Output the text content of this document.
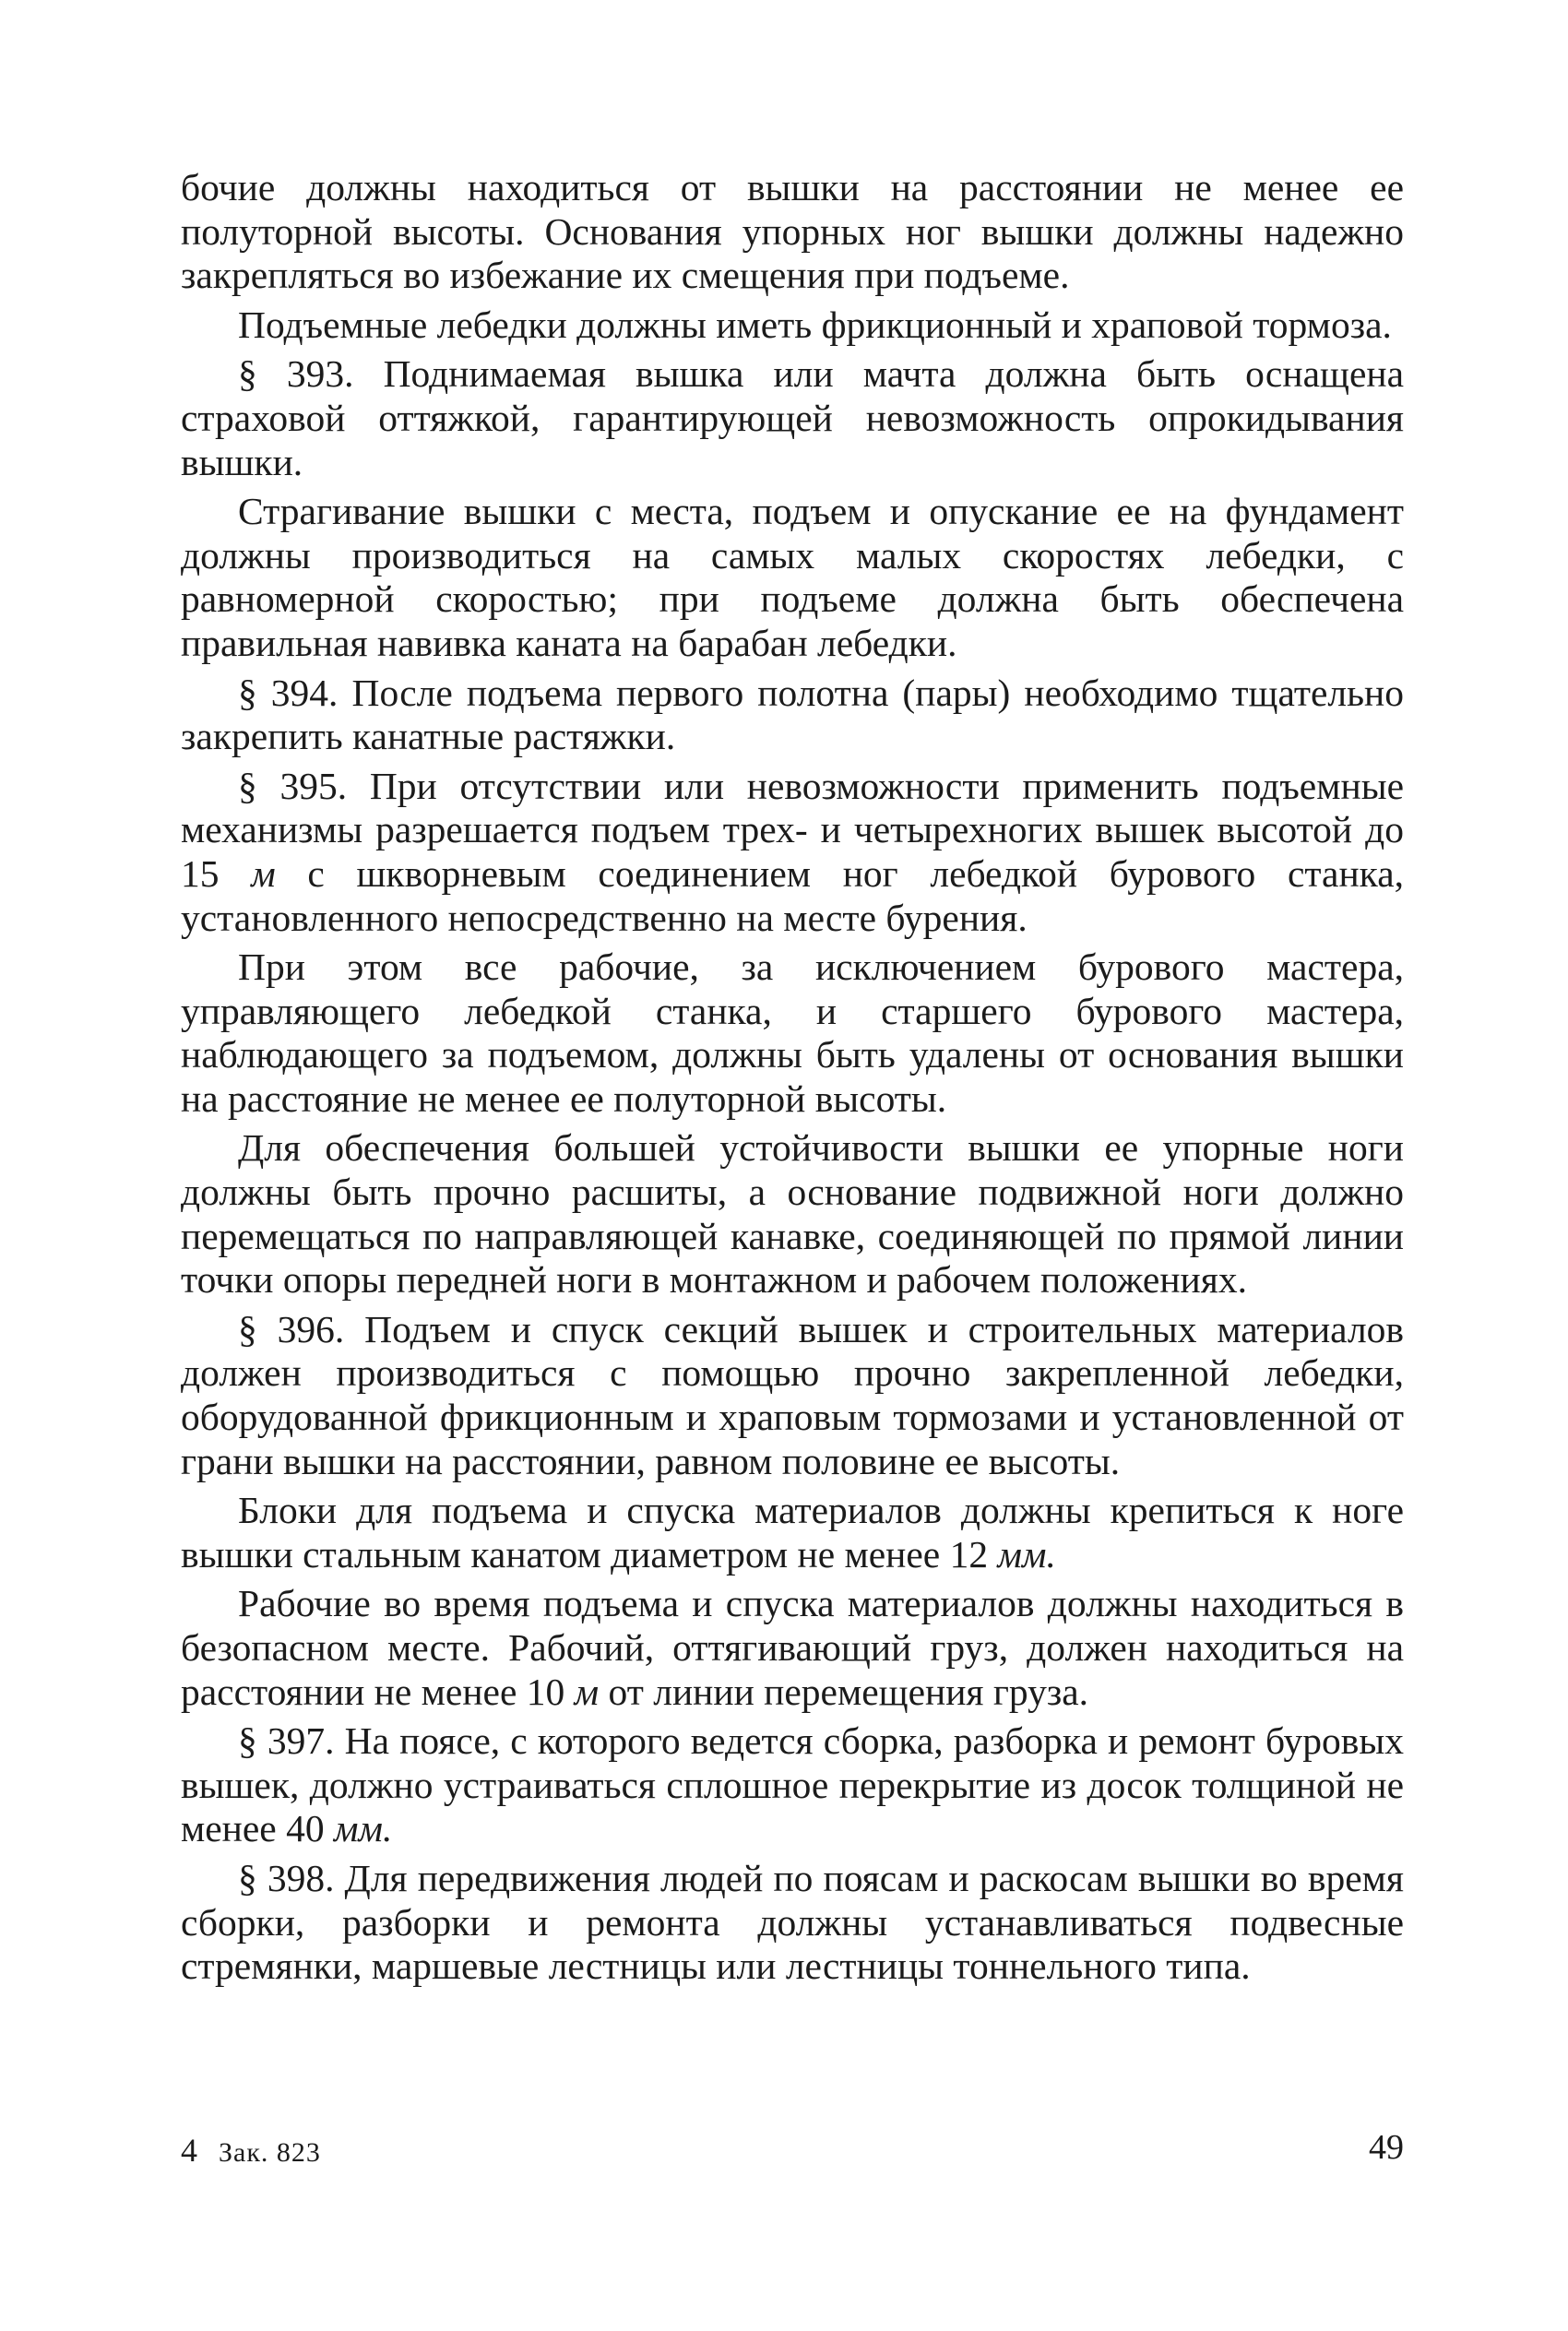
бочие должны находиться от вышки на расстоянии не менее ее полуторной высоты. Основания упорных ног вышки должны надежно закрепляться во избежание их смещения при подъеме.

Подъемные лебедки должны иметь фрикционный и храповой тормоза.

§ 393. Поднимаемая вышка или мачта должна быть оснащена страховой оттяжкой, гарантирующей невозможность опрокидывания вышки.

Страгивание вышки с места, подъем и опускание ее на фундамент должны производиться на самых малых скоростях лебедки, с равномерной скоростью; при подъеме должна быть обеспечена правильная навивка каната на барабан лебедки.

§ 394. После подъема первого полотна (пары) необходимо тщательно закрепить канатные растяжки.

§ 395. При отсутствии или невозможности применить подъемные механизмы разрешается подъем трех- и четырехногих вышек высотой до 15 м с шкворневым соединением ног лебедкой бурового станка, установленного непосредственно на месте бурения.

При этом все рабочие, за исключением бурового мастера, управляющего лебедкой станка, и старшего бурового мастера, наблюдающего за подъемом, должны быть удалены от основания вышки на расстояние не менее ее полуторной высоты.

Для обеспечения большей устойчивости вышки ее упорные ноги должны быть прочно расшиты, а основание подвижной ноги должно перемещаться по направляющей канавке, соединяющей по прямой линии точки опоры передней ноги в монтажном и рабочем положениях.

§ 396. Подъем и спуск секций вышек и строительных материалов должен производиться с помощью прочно закрепленной лебедки, оборудованной фрикционным и храповым тормозами и установленной от грани вышки на расстоянии, равном половине ее высоты.

Блоки для подъема и спуска материалов должны крепиться к ноге вышки стальным канатом диаметром не менее 12 мм.

Рабочие во время подъема и спуска материалов должны находиться в безопасном месте. Рабочий, оттягивающий груз, должен находиться на расстоянии не менее 10 м от линии перемещения груза.

§ 397. На поясе, с которого ведется сборка, разборка и ремонт буровых вышек, должно устраиваться сплошное перекрытие из досок толщиной не менее 40 мм.

§ 398. Для передвижения людей по поясам и раскосам вышки во время сборки, разборки и ремонта должны устанавливаться подвесные стремянки, маршевые лестницы или лестницы тоннельного типа.

4 Зак. 823	49
